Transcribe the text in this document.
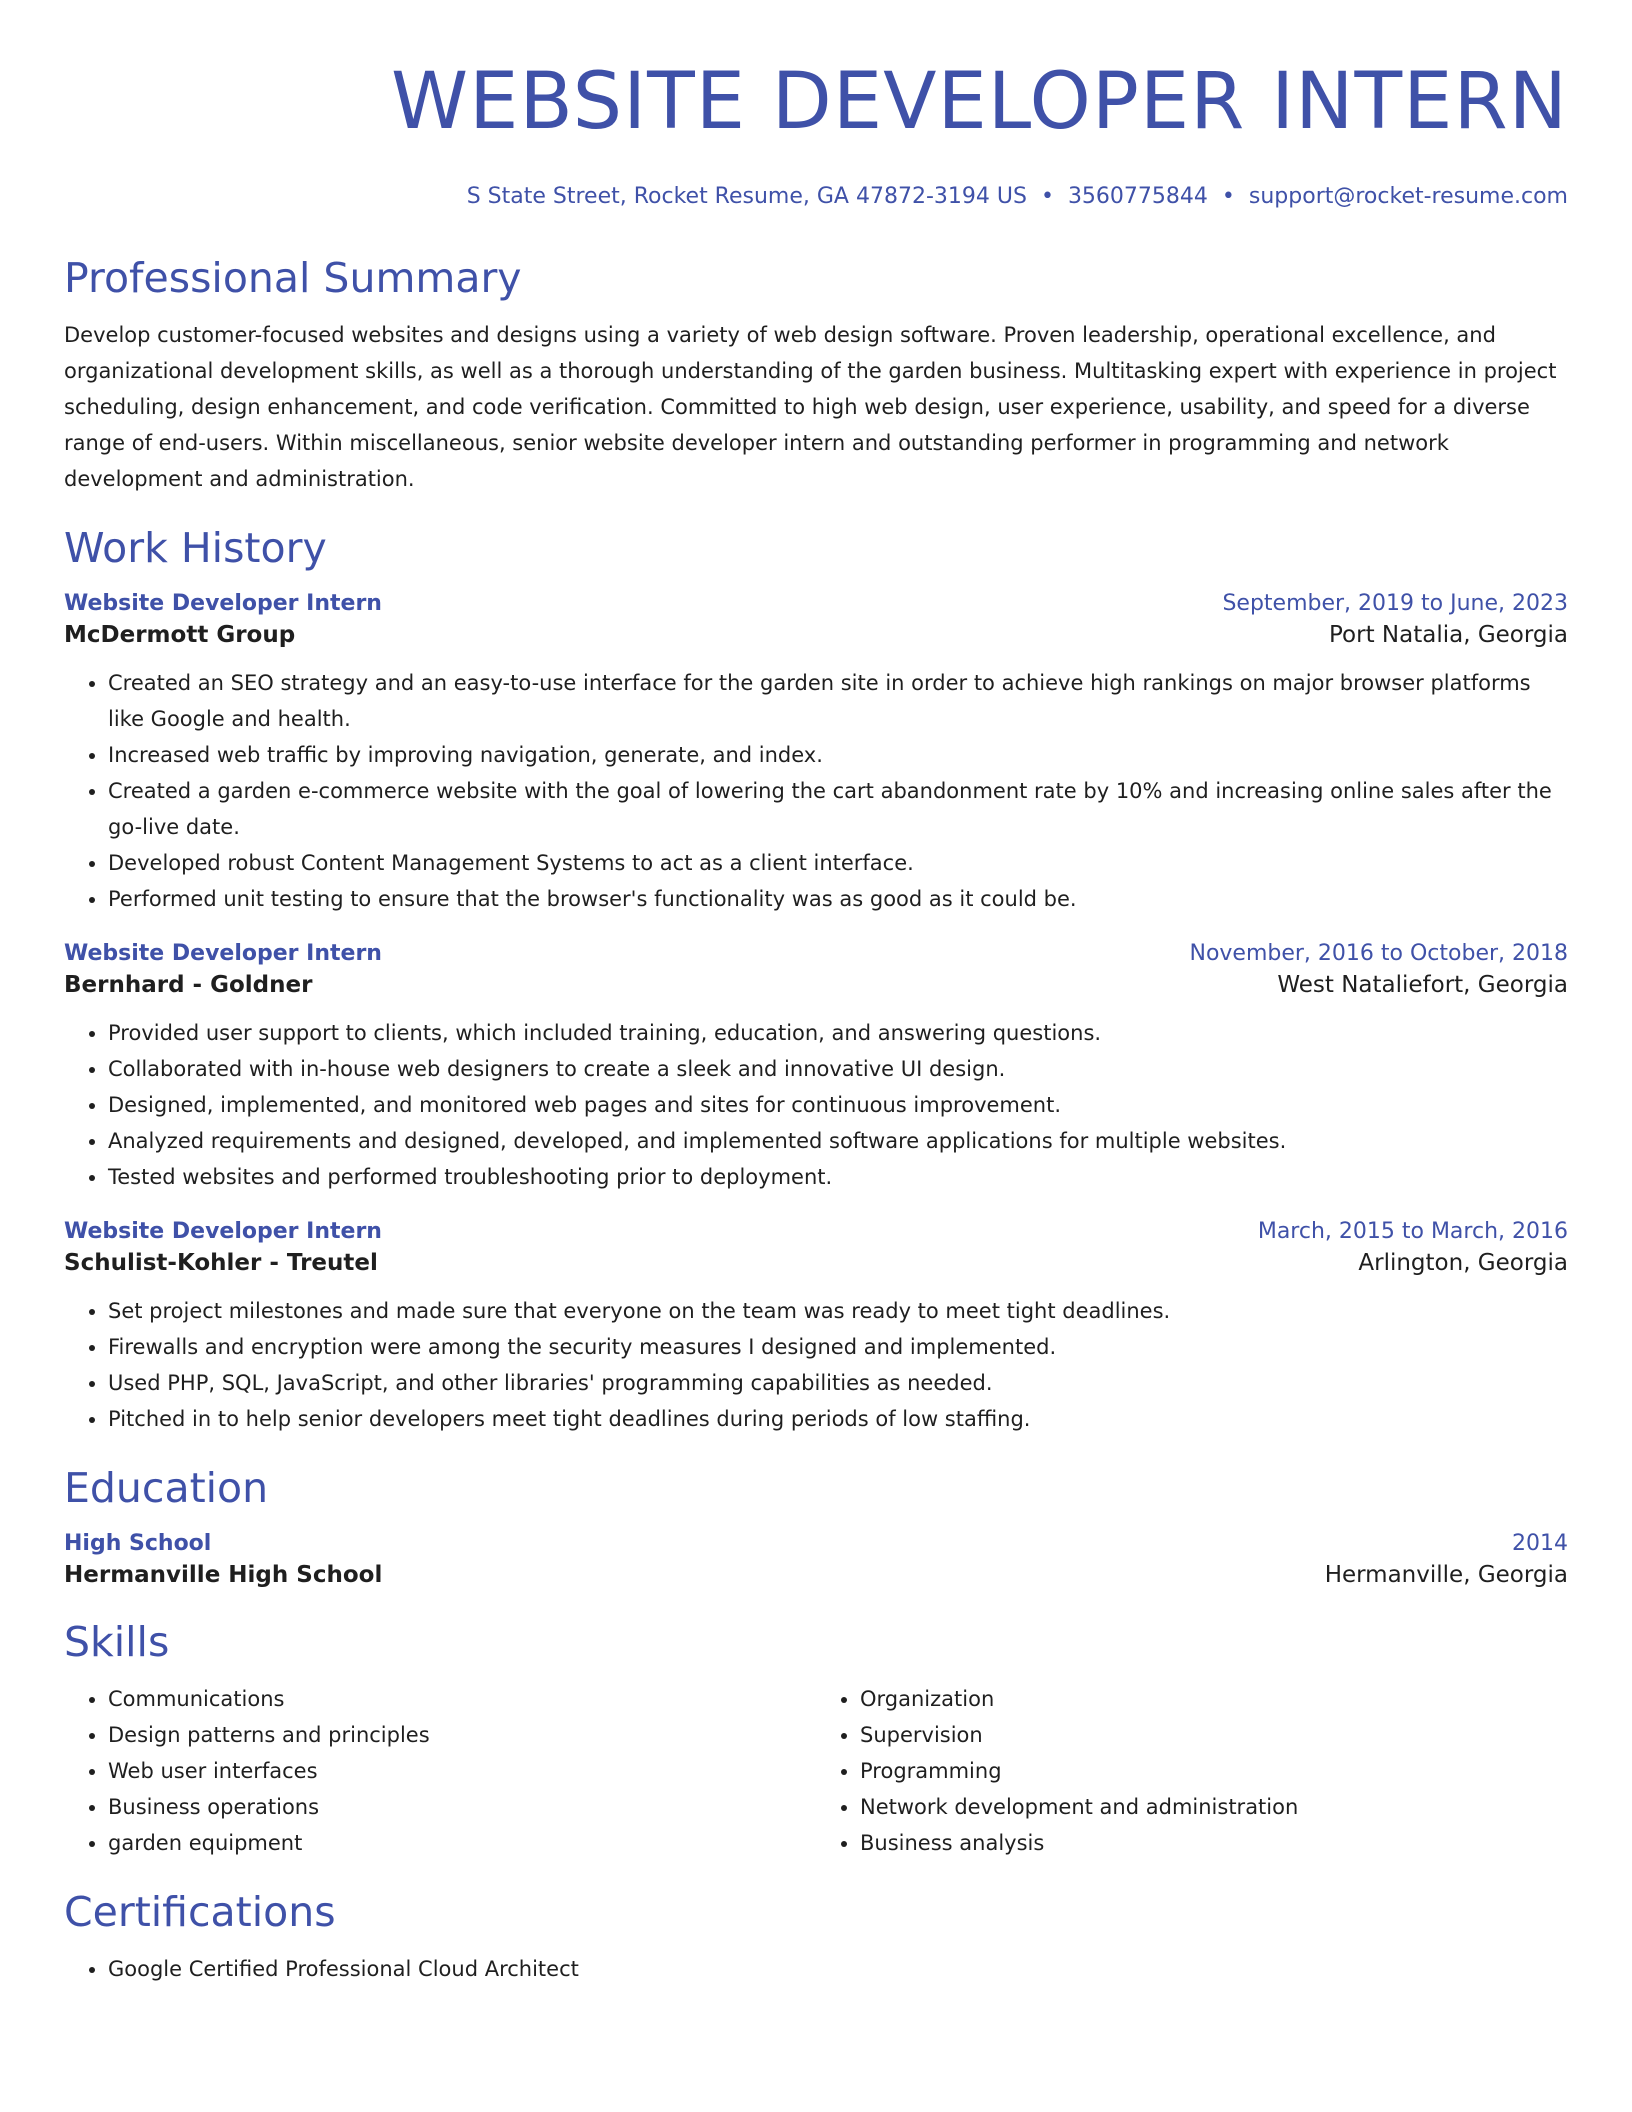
WEBSITE DEVELOPER INTERN
S State Street, Rocket Resume, GA 47872-3194 US • 3560775844 • support@rocket-resume.com
Professional Summary
Develop customer-focused websites and designs using a variety of web design software. Proven leadership, operational excellence, and organizational development skills, as well as a thorough understanding of the garden business. Multitasking expert with experience in project scheduling, design enhancement, and code verification. Committed to high web design, user experience, usability, and speed for a diverse range of end-users. Within miscellaneous, senior website developer intern and outstanding performer in programming and network development and administration.
Work History
Website Developer Intern	September, 2019 to June, 2023
McDermott Group	Port Natalia, Georgia
• Created an SEO strategy and an easy-to-use interface for the garden site in order to achieve high rankings on major browser platforms like Google and health.
• Increased web traffic by improving navigation, generate, and index.
• Created a garden e-commerce website with the goal of lowering the cart abandonment rate by 10% and increasing online sales after the go-live date.
• Developed robust Content Management Systems to act as a client interface.
• Performed unit testing to ensure that the browser's functionality was as good as it could be.
Website Developer Intern	November, 2016 to October, 2018
Bernhard - Goldner	West Nataliefort, Georgia
• Provided user support to clients, which included training, education, and answering questions.
• Collaborated with in-house web designers to create a sleek and innovative UI design.
• Designed, implemented, and monitored web pages and sites for continuous improvement.
• Analyzed requirements and designed, developed, and implemented software applications for multiple websites.
• Tested websites and performed troubleshooting prior to deployment.
Website Developer Intern	March, 2015 to March, 2016
Schulist-Kohler - Treutel	Arlington, Georgia
• Set project milestones and made sure that everyone on the team was ready to meet tight deadlines.
• Firewalls and encryption were among the security measures I designed and implemented.
• Used PHP, SQL, JavaScript, and other libraries' programming capabilities as needed.
• Pitched in to help senior developers meet tight deadlines during periods of low staffing.
Education
High School	2014
Hermanville High School	Hermanville, Georgia
Skills
• Communications
• Design patterns and principles
• Web user interfaces
• Business operations
• garden equipment
• Organization
• Supervision
• Programming
• Network development and administration
• Business analysis
Certifications
• Google Certified Professional Cloud Architect
